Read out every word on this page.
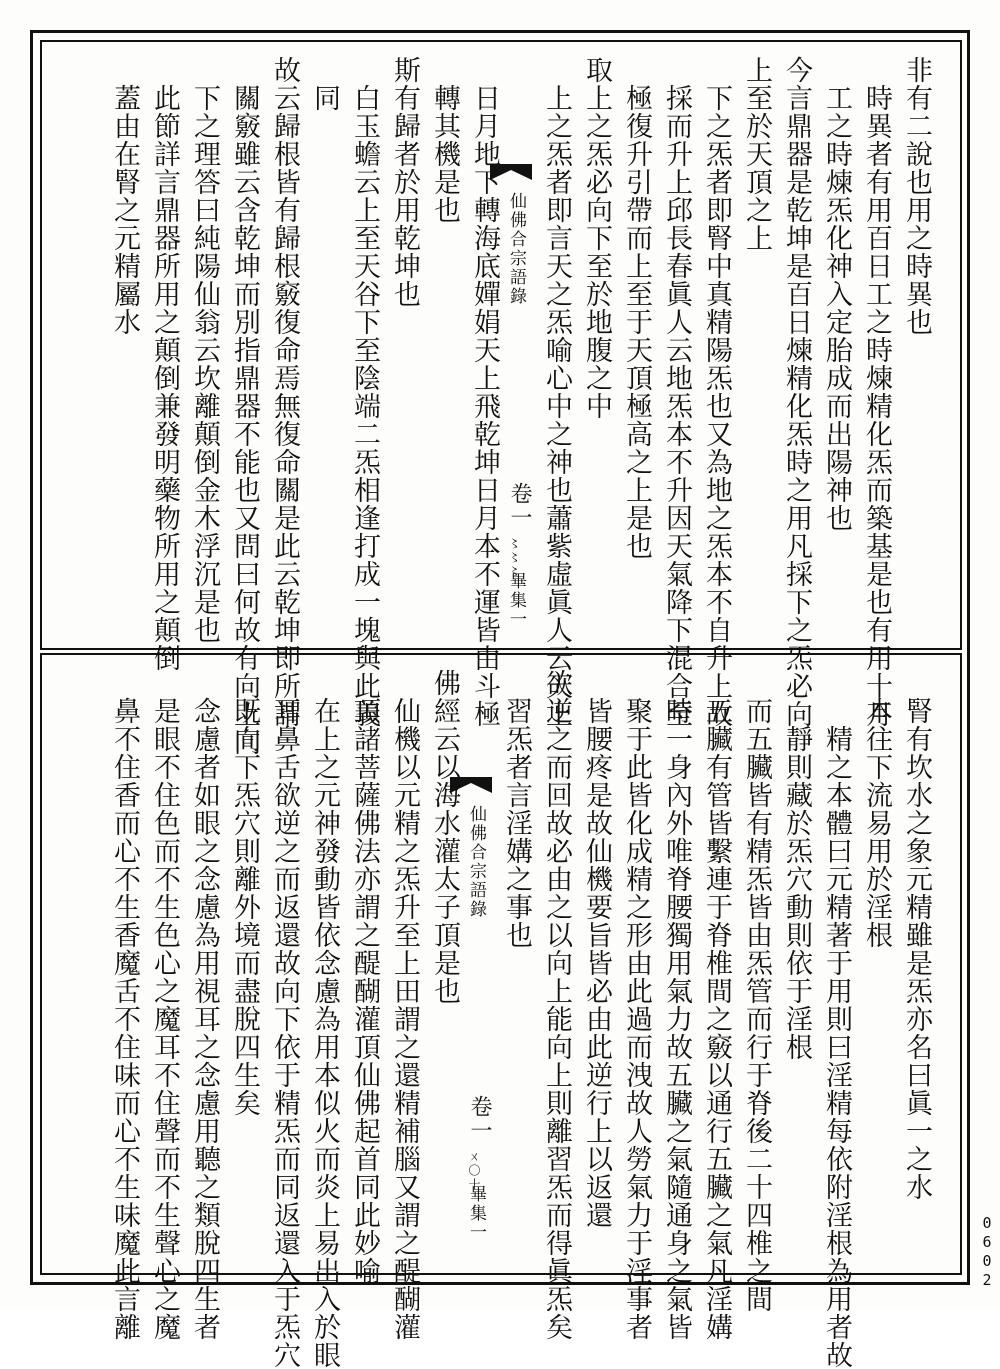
非有二說也用之時異也
　時異者有用百日工之時煉精化炁而築基是也有用十月
　工之時煉炁化神入定胎成而出陽神也
今言鼎器是乾坤是百日煉精化炁時之用凡採下之炁必向
上至於天頂之上
　下之炁者即腎中真精陽炁也又為地之炁本不自升上故
　採而升上邱長春眞人云地炁本不升因天氣降下混合至
　極復升引帶而上至于天頂極高之上是也
取上之炁必向下至於地腹之中
　上之炁者即言天之炁喻心中之神也蕭紫虛眞人云天上
仙佛合宗語錄
卷一
〻〻〻
畢集一
　日月地下轉海底嬋娟天上飛乾坤日月本不運皆由斗極
　轉其機是也
斯有歸者於用乾坤也
　白玉蟾云上至天谷下至陰端二炁相逢打成一塊與此義
　同
故云歸根皆有歸根竅復命焉無復命關是此云乾坤即所謂
　關竅雖云含乾坤而別指鼎器不能也又問曰何故有向上向
　下之理答曰純陽仙翁云坎離顛倒金木浮沉是也
　此節詳言鼎器所用之顛倒兼發明藥物所用之顛倒
　蓋由在腎之元精屬水
　腎有坎水之象元精雖是炁亦名曰眞一之水
　本往下流易用於淫根
　　精之本體曰元精著于用則曰淫精每依附淫根為用者故
　　靜則藏於炁穴動則依于淫根
　而五臟皆有精炁皆由炁管而行于脊後二十四椎之間
　五臟有管皆繫連于脊椎間之竅以通行五臟之氣凡淫媾
　時一身內外唯脊腰獨用氣力故五臟之氣隨通身之氣皆
　聚于此皆化成精之形由此過而洩故人勞氣力于淫事者
　皆腰疼是故仙機要旨皆必由此逆行上以返還
欲逆之而回故必由之以向上能向上則離習炁而得眞炁矣
　習炁者言淫媾之事也
仙佛合宗語錄
卷一
ㄨ〇十
畢集一
佛經云以海水灌太子頂是也
　仙機以元精之炁升至上田謂之還精補腦又謂之醍醐灌
　頂諸菩薩佛法亦謂之醍醐灌頂仙佛起首同此妙喻
　在上之元神發動皆依念慮為用本似火而炎上易出入於眼
　耳鼻舌欲逆之而返還故向下依于精炁而同返還入于炁穴
　既向下炁穴則離外境而盡脫四生矣
　念慮者如眼之念慮為用視耳之念慮用聽之類脫四生者
　是眼不住色而不生色心之魔耳不住聲而不生聲心之魔
　鼻不住香而心不生香魔舌不住味而心不生味魔此言離	0602
